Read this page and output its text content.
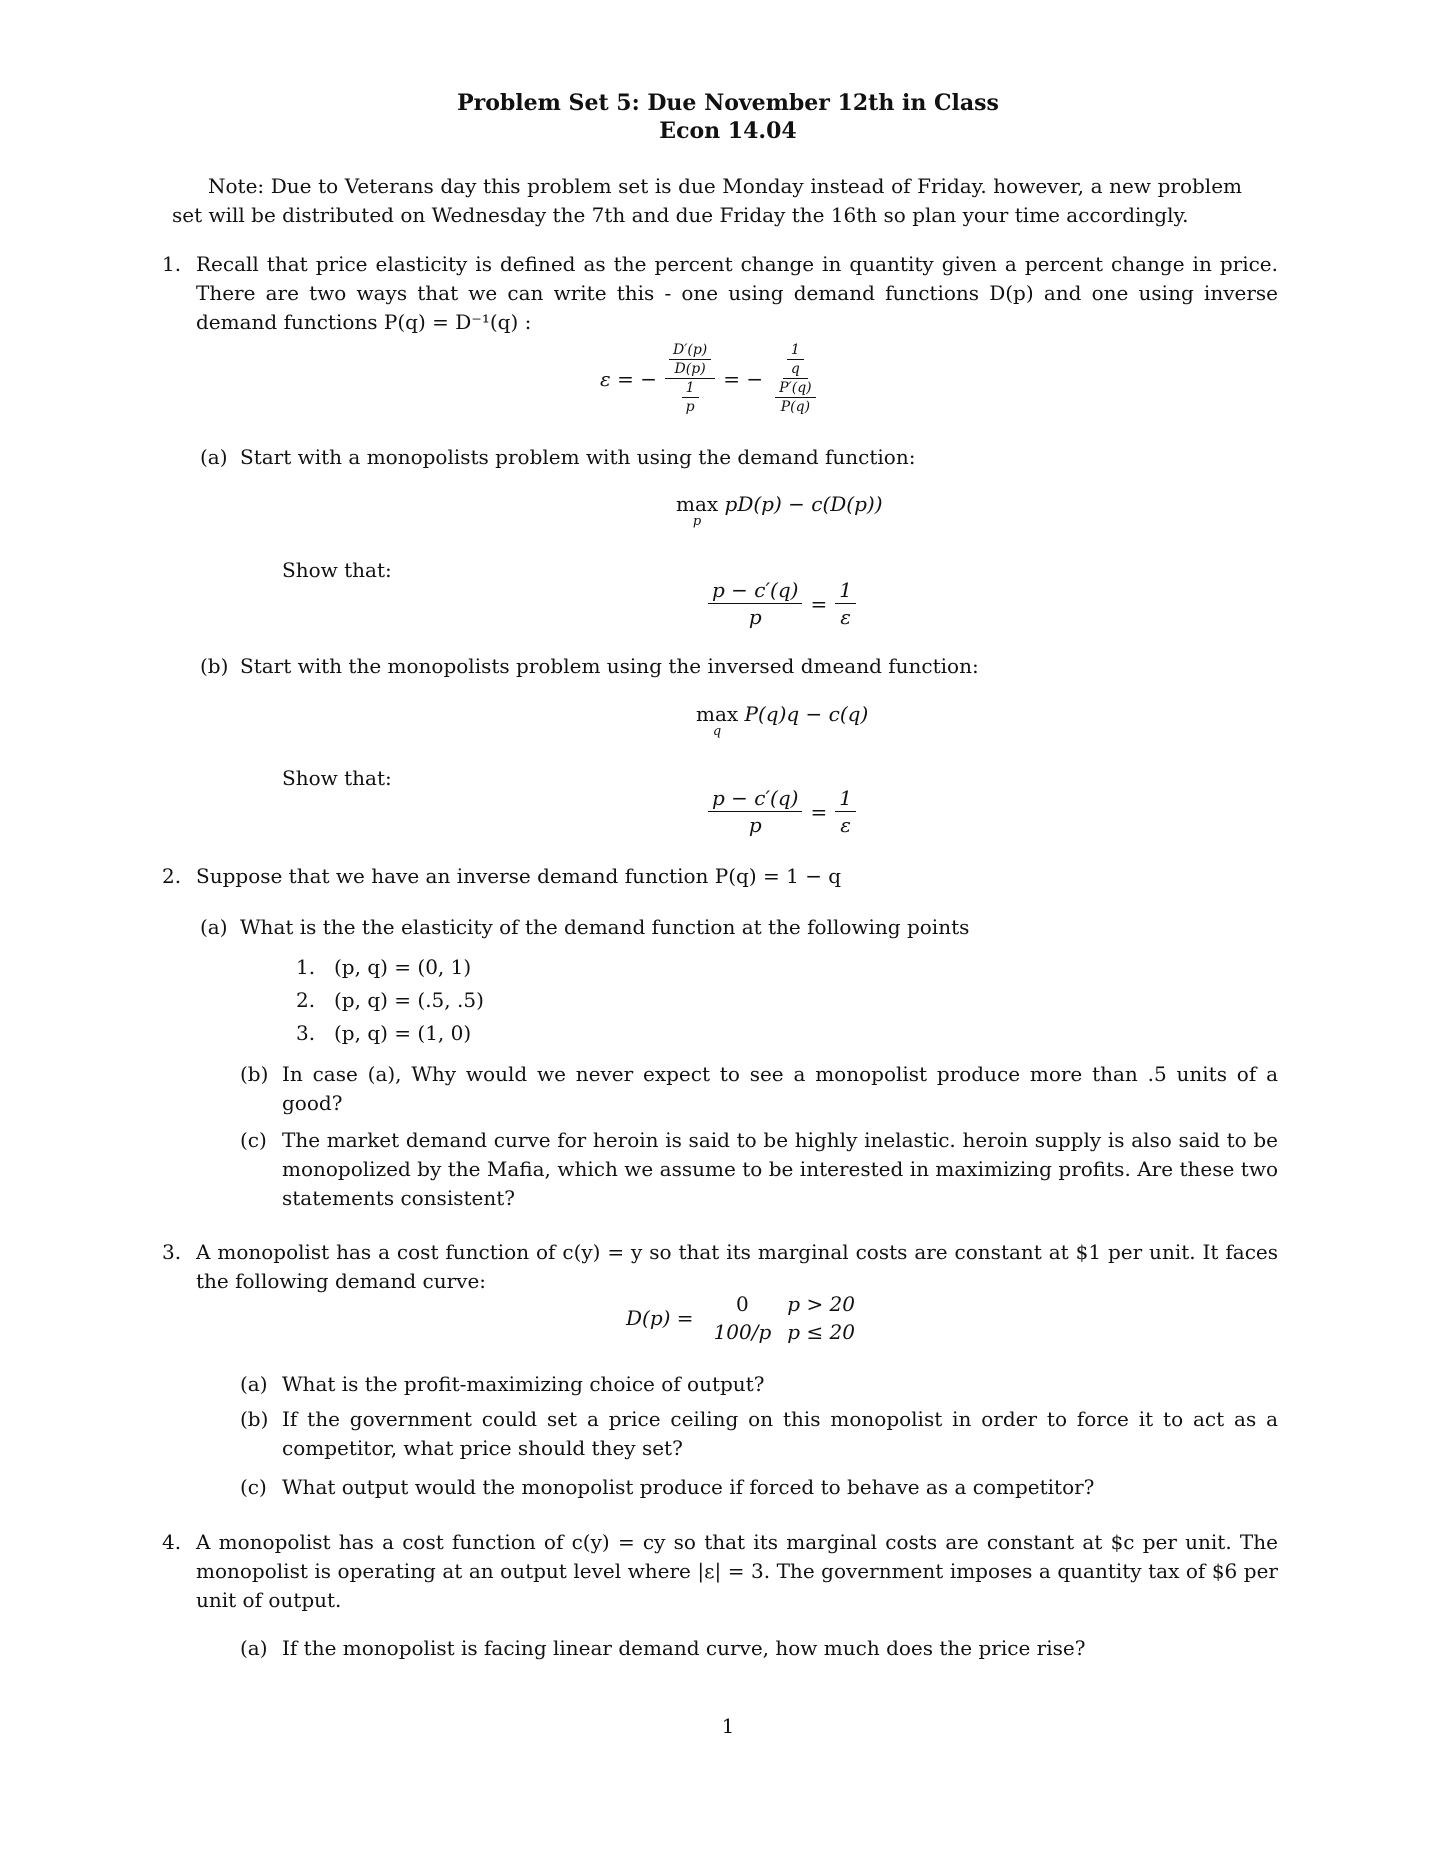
Problem Set 5: Due November 12th in Class
Econ 14.04
Note: Due to Veterans day this problem set is due Monday instead of Friday. however, a new problem set will be distributed on Wednesday the 7th and due Friday the 16th so plan your time accordingly.
1. Recall that price elasticity is defined as the percent change in quantity given a percent change in price. There are two ways that we can write this - one using demand functions D(p) and one using inverse demand functions P(q) = D⁻¹(q) :
ε = − $\frac{\frac{D'(p)}{D(p)}}{\frac{1}{p}}$ = − $\frac{\frac{1}{q}}{\frac{P'(q)}{P(q)}}$
(a) Start with a monopolists problem with using the demand function:
max
p
pD(p) − c(D(p))
Show that:
$\frac{p - c'(q)}{p} = \frac{1}{\varepsilon}$
(b) Start with the monopolists problem using the inversed dmeand function:
max
q
P(q)q − c(q)
Show that:
$\frac{p - c'(q)}{p} = \frac{1}{\varepsilon}$
2. Suppose that we have an inverse demand function P(q) = 1 − q
(a) What is the the elasticity of the demand function at the following points
1. (p, q) = (0, 1)
2. (p, q) = (.5, .5)
3. (p, q) = (1, 0)
(b) In case (a), Why would we never expect to see a monopolist produce more than .5 units of a good?
(c) The market demand curve for heroin is said to be highly inelastic. heroin supply is also said to be monopolized by the Mafia, which we assume to be interested in maximizing profits. Are these two statements consistent?
3. A monopolist has a cost function of c(y) = y so that its marginal costs are constant at $1 per unit. It faces the following demand curve:
D(p) =
0	p > 20
100/p	p ≤ 20
(a) What is the profit-maximizing choice of output?
(b) If the government could set a price ceiling on this monopolist in order to force it to act as a competitor, what price should they set?
(c) What output would the monopolist produce if forced to behave as a competitor?
4. A monopolist has a cost function of c(y) = cy so that its marginal costs are constant at $c per unit. The monopolist is operating at an output level where |ε| = 3. The government imposes a quantity tax of $6 per unit of output.
(a) If the monopolist is facing linear demand curve, how much does the price rise?
1
